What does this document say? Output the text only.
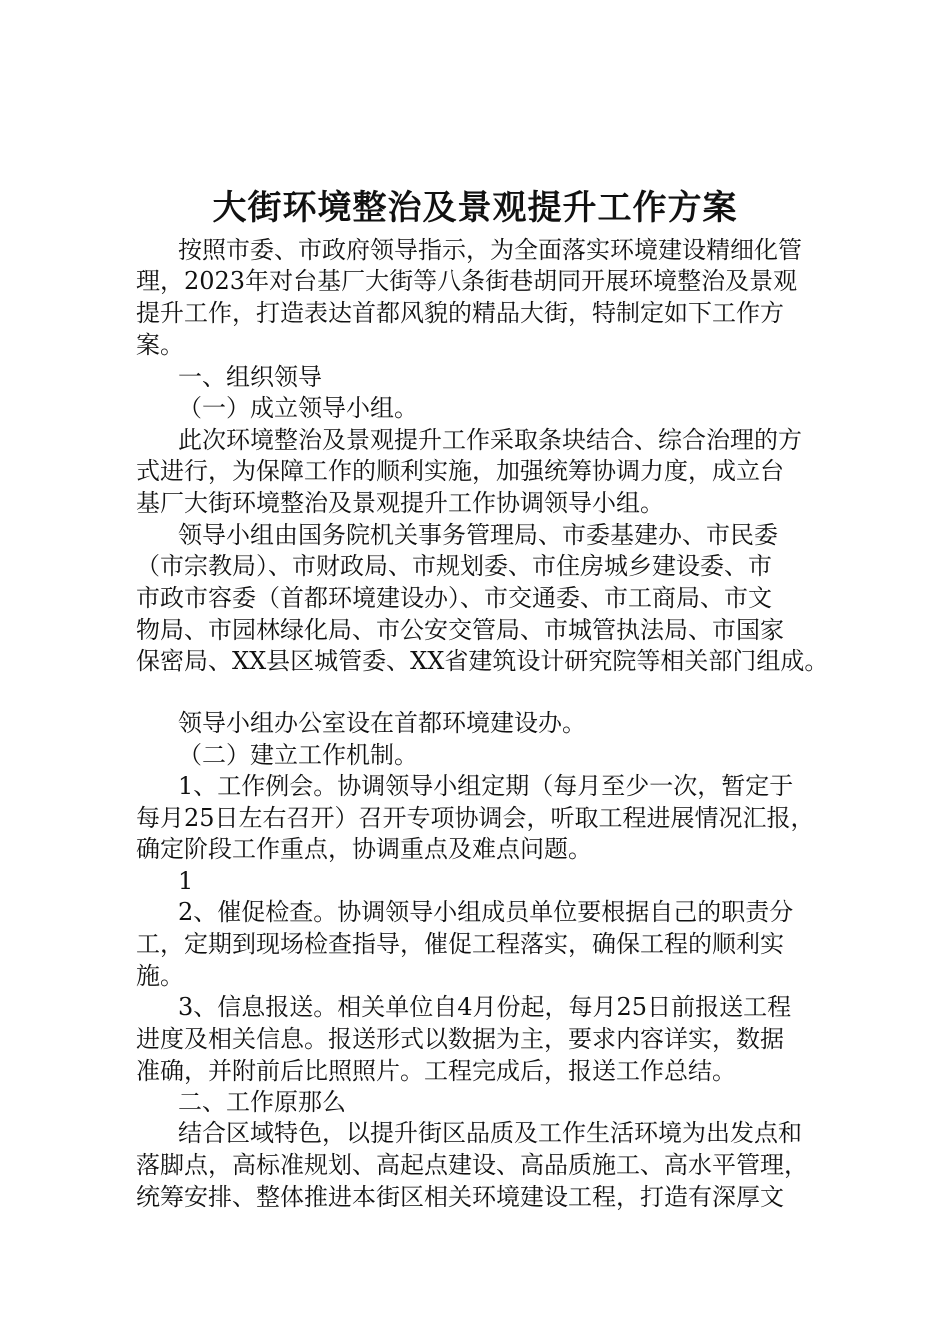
大街环境整治及景观提升工作方案
按照市委、市政府领导指示，为全面落实环境建设精细化管
理，2023年对台基厂大街等八条街巷胡同开展环境整治及景观
提升工作，打造表达首都风貌的精品大街，特制定如下工作方
案。
一、组织领导
（一）成立领导小组。
此次环境整治及景观提升工作采取条块结合、综合治理的方
式进行，为保障工作的顺利实施，加强统筹协调力度，成立台
基厂大街环境整治及景观提升工作协调领导小组。
领导小组由国务院机关事务管理局、市委基建办、市民委
（市宗教局）、市财政局、市规划委、市住房城乡建设委、市
市政市容委（首都环境建设办）、市交通委、市工商局、市文
物局、市园林绿化局、市公安交管局、市城管执法局、市国家
保密局、XX县区城管委、XX省建筑设计研究院等相关部门组成。
领导小组办公室设在首都环境建设办。
（二）建立工作机制。
1、工作例会。协调领导小组定期（每月至少一次，暂定于
每月25日左右召开）召开专项协调会，听取工程进展情况汇报，
确定阶段工作重点，协调重点及难点问题。
1
2、催促检查。协调领导小组成员单位要根据自己的职责分
工，定期到现场检查指导，催促工程落实，确保工程的顺利实
施。
3、信息报送。相关单位自4月份起，每月25日前报送工程
进度及相关信息。报送形式以数据为主，要求内容详实，数据
准确，并附前后比照照片。工程完成后，报送工作总结。
二、工作原那么
结合区域特色，以提升街区品质及工作生活环境为出发点和
落脚点，高标准规划、高起点建设、高品质施工、高水平管理，
统筹安排、整体推进本街区相关环境建设工程，打造有深厚文
